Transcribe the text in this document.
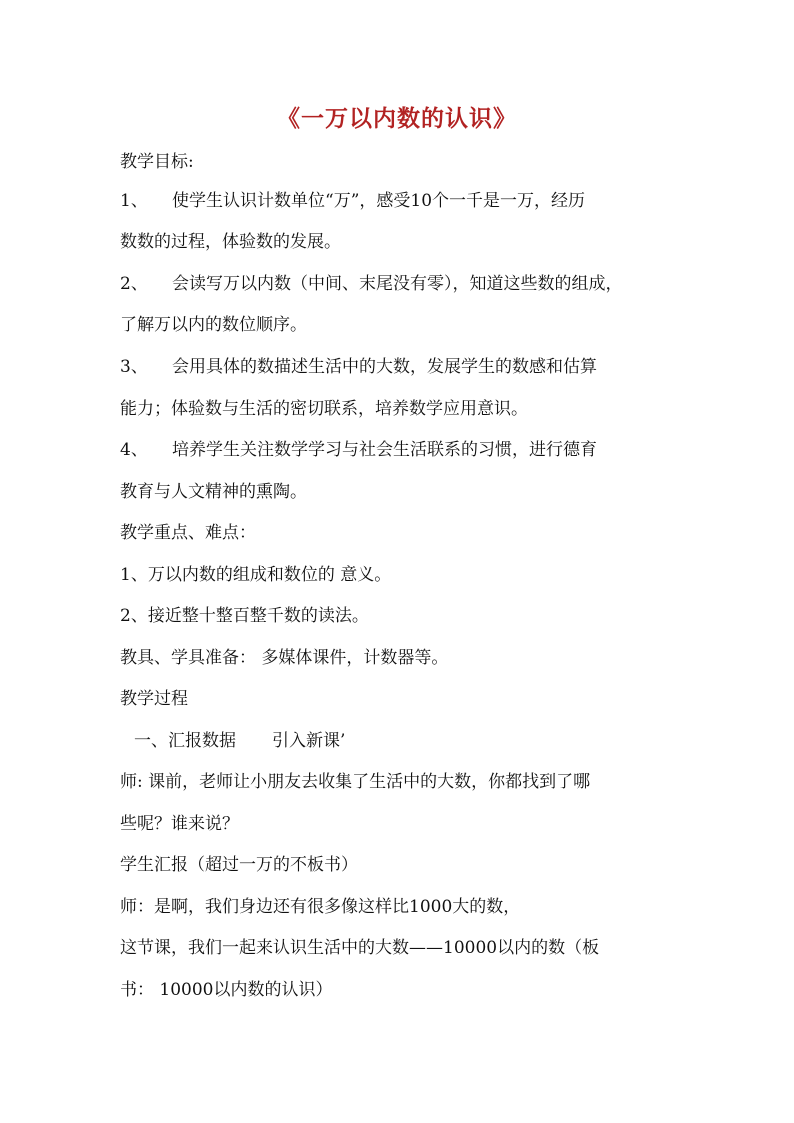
《一万以内数的认识》
教学目标:
1、 使学生认识计数单位“万”，感受10个一千是一万，经历
数数的过程，体验数的发展。
2、 会读写万以内数（中间、末尾没有零），知道这些数的组成，
了解万以内的数位顺序。
3、 会用具体的数描述生活中的大数，发展学生的数感和估算
能力；体验数与生活的密切联系，培养数学应用意识。
4、 培养学生关注数学学习与社会生活联系的习惯，进行德育
教育与人文精神的熏陶。
教学重点、难点：
1、万以内数的组成和数位的 意义。
2、接近整十整百整千数的读法。
教具、学具准备： 多媒体课件，计数器等。
教学过程
一、汇报数据 引入新课’
师: 课前，老师让小朋友去收集了生活中的大数，你都找到了哪
些呢？谁来说？
学生汇报（超过一万的不板书）
师：是啊，我们身边还有很多像这样比1000大的数，
这节课，我们一起来认识生活中的大数——10000以内的数（板
书： 10000以内数的认识）
